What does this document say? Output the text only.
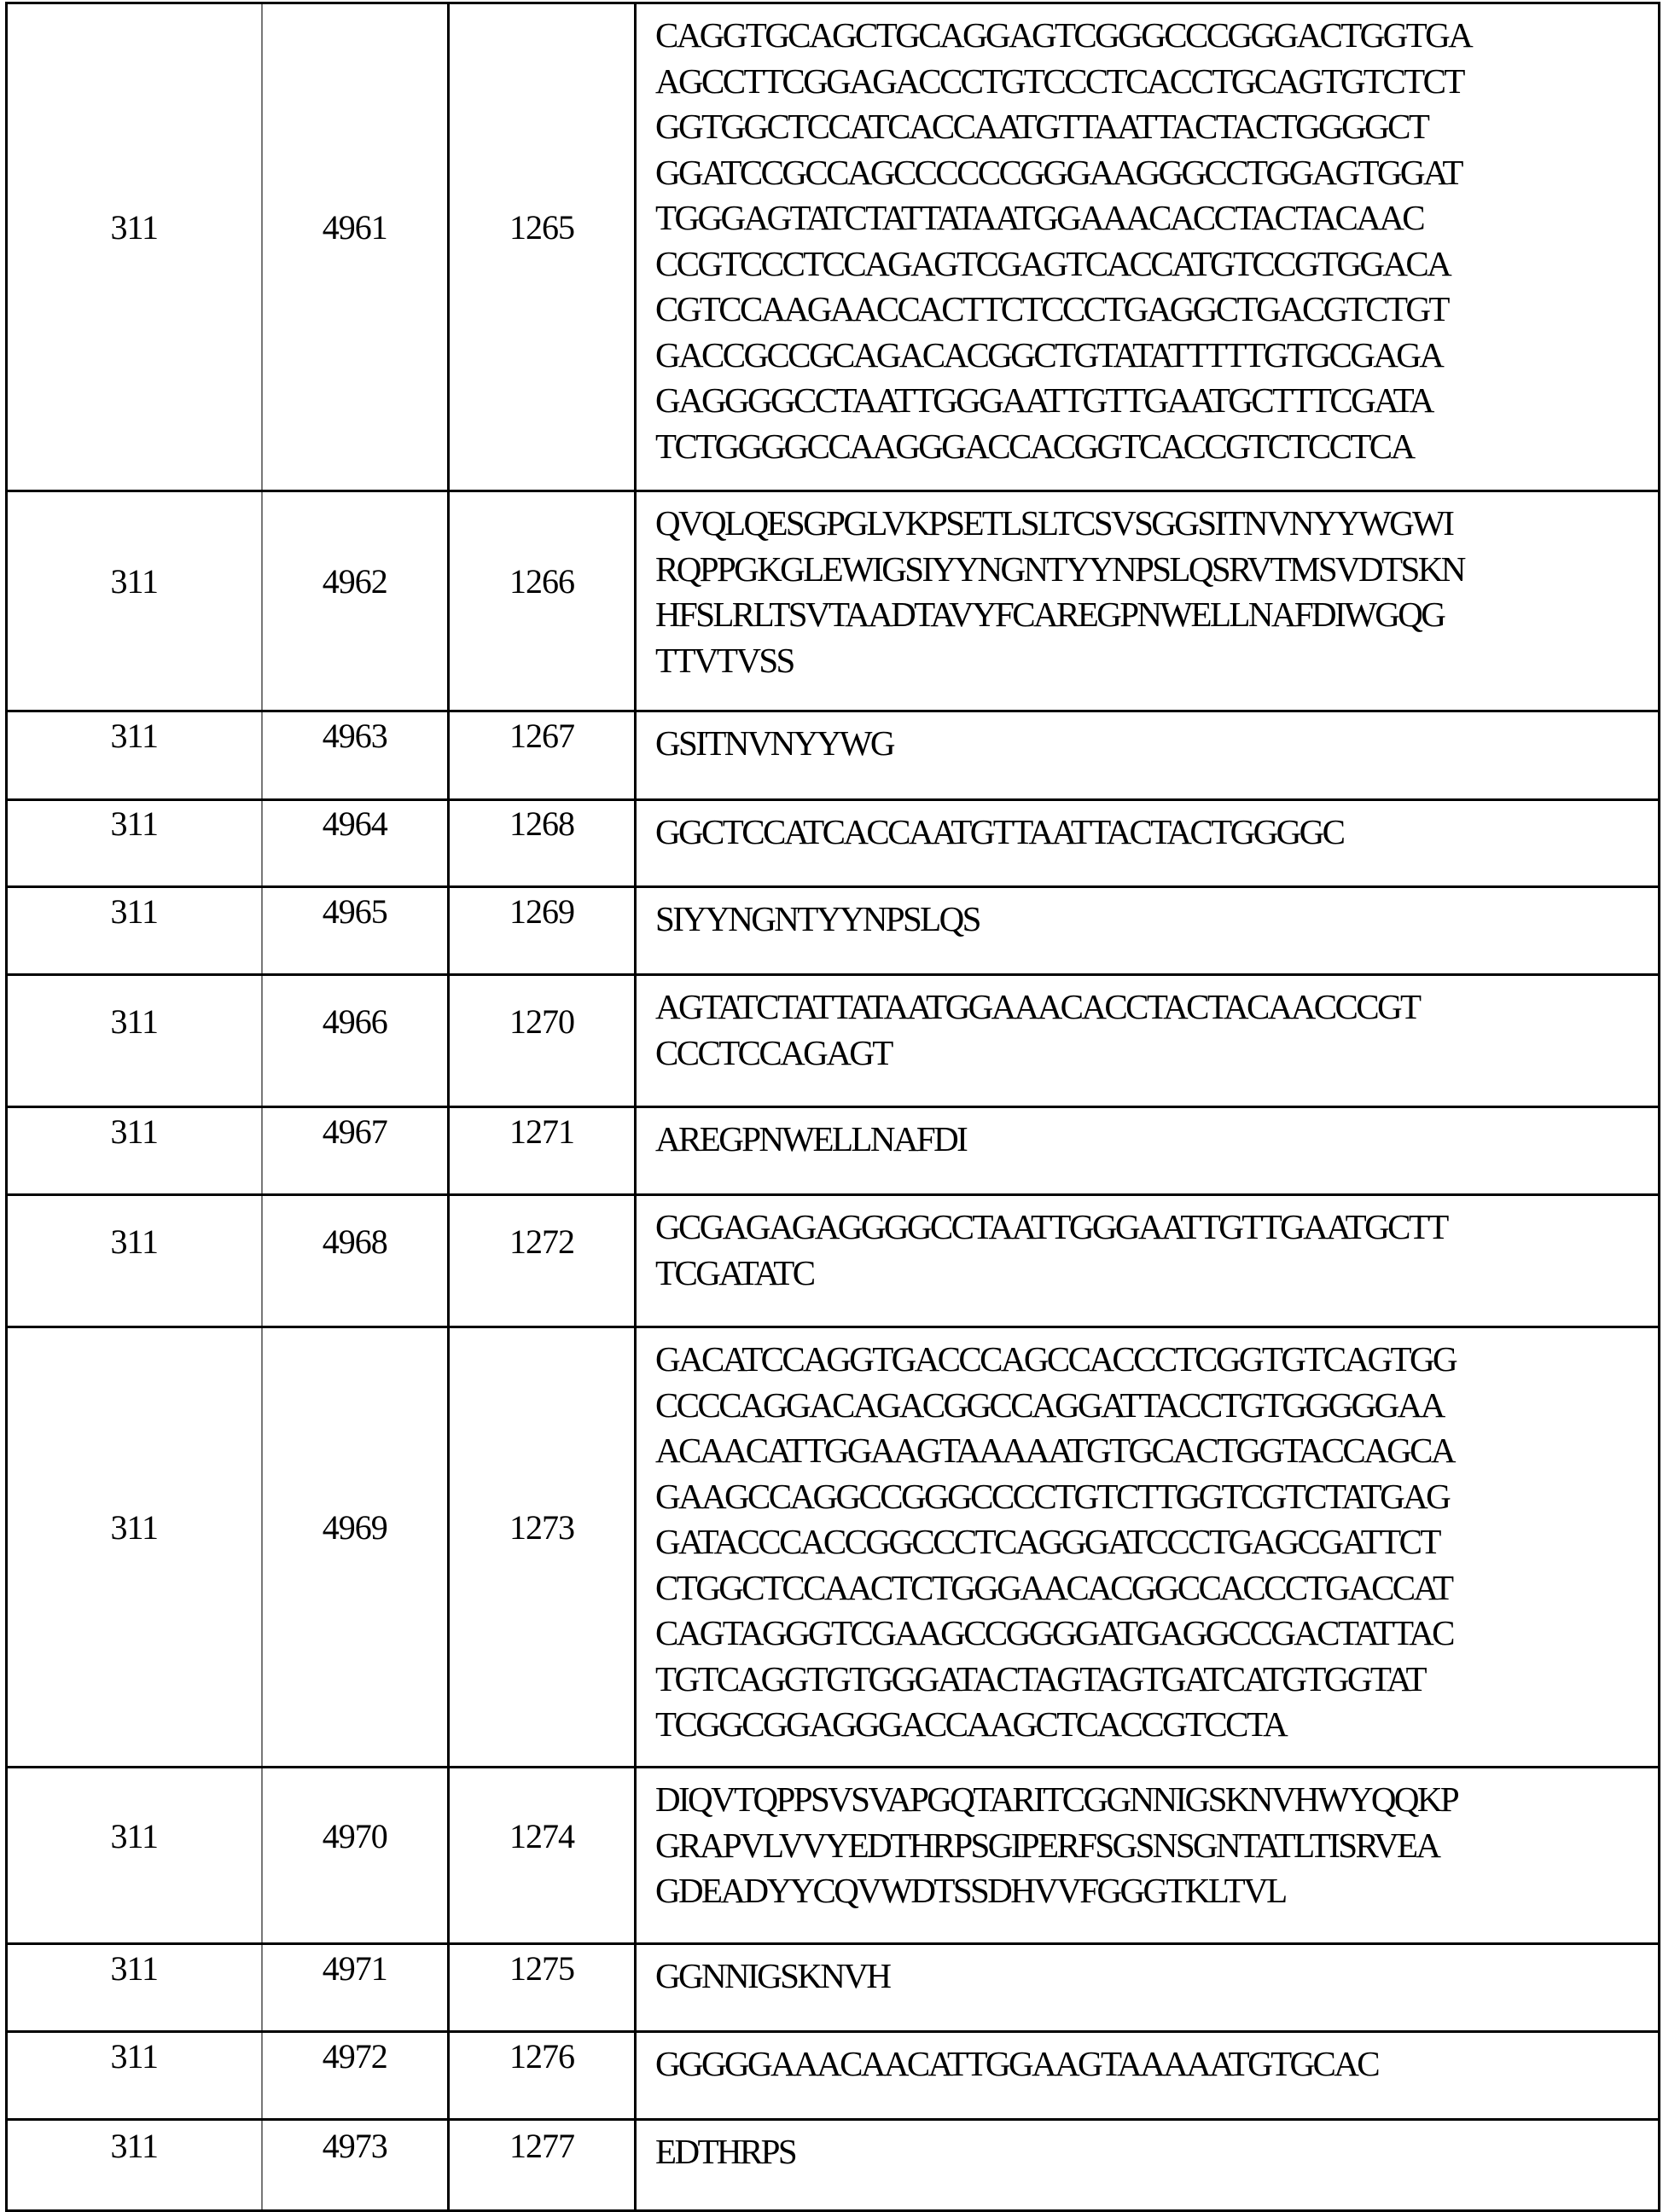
311	4961	1265	
CAGGTGCAGCTGCAGGAGTCGGGCCCGGGACTGGTGA
AGCCTTCGGAGACCCTGTCCCTCACCTGCAGTGTCTCT
GGTGGCTCCATCACCAATGTTAATTACTACTGGGGCT
GGATCCGCCAGCCCCCCGGGAAGGGCCTGGAGTGGAT
TGGGAGTATCTATTATAATGGAAACACCTACTACAAC
CCGTCCCTCCAGAGTCGAGTCACCATGTCCGTGGACA
CGTCCAAGAACCACTTCTCCCTGAGGCTGACGTCTGT
GACCGCCGCAGACACGGCTGTATATTTTTGTGCGAGA
GAGGGGCCTAATTGGGAATTGTTGAATGCTTTCGATA
TCTGGGGCCAAGGGACCACGGTCACCGTCTCCTCA

311	4962	1266	
QVQLQESGPGLVKPSETLSLTCSVSGGSITNVNYYWGWI
RQPPGKGLEWIGSIYYNGNTYYNPSLQSRVTMSVDTSKN
HFSLRLTSVTAADTAVYFCAREGPNWELLNAFDIWGQG
TTVTVSS

311	4963	1267	GSITNVNYYWG

311	4964	1268	GGCTCCATCACCAATGTTAATTACTACTGGGGC

311	4965	1269	SIYYNGNTYYNPSLQS

311	4966	1270	AGTATCTATTATAATGGAAACACCTACTACAACCCGT
CCCTCCAGAGT

311	4967	1271	AREGPNWELLNAFDI

311	4968	1272	GCGAGAGAGGGGCCTAATTGGGAATTGTTGAATGCTT
TCGATATC

311	4969	1273	
GACATCCAGGTGACCCAGCCACCCTCGGTGTCAGTGG
CCCCAGGACAGACGGCCAGGATTACCTGTGGGGGAA
ACAACATTGGAAGTAAAAATGTGCACTGGTACCAGCA
GAAGCCAGGCCGGGCCCCTGTCTTGGTCGTCTATGAG
GATACCCACCGGCCCTCAGGGATCCCTGAGCGATTCT
CTGGCTCCAACTCTGGGAACACGGCCACCCTGACCAT
CAGTAGGGTCGAAGCCGGGGATGAGGCCGACTATTAC
TGTCAGGTGTGGGATACTAGTAGTGATCATGTGGTAT
TCGGCGGAGGGACCAAGCTCACCGTCCTA

311	4970	1274	
DIQVTQPPSVSVAPGQTARITCGGNNIGSKNVHWYQQKP
GRAPVLVVYEDTHRPSGIPERFSGSNSGNTATLTISRVEA
GDEADYYCQVWDTSSDHVVFGGGTKLTVL

311	4971	1275	GGNNIGSKNVH

311	4972	1276	GGGGGAAACAACATTGGAAGTAAAAATGTGCAC

311	4973	1277	EDTHRPS
